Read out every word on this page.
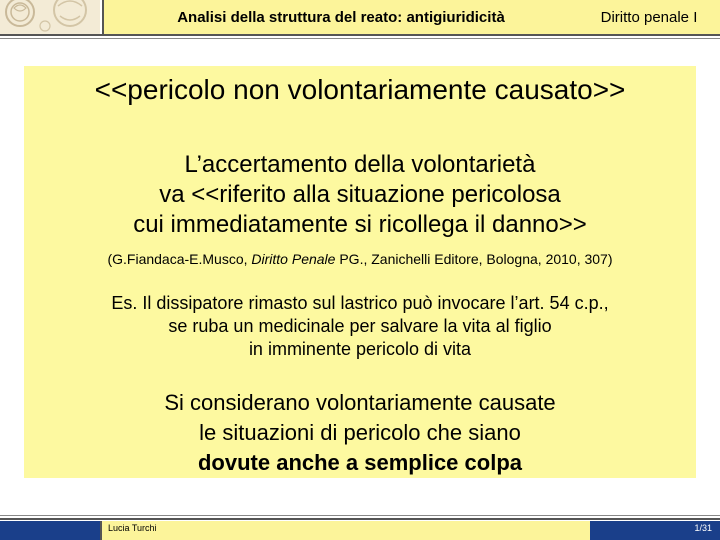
Analisi della struttura del reato: antigiuridicità	Diritto penale I
<<pericolo non volontariamente causato>>
L’accertamento della volontarietà
va <<riferito alla situazione pericolosa
cui immediatamente si ricollega il danno>>
(G.Fiandaca-E.Musco, Diritto Penale PG., Zanichelli Editore, Bologna, 2010, 307)
Es. Il dissipatore rimasto sul lastrico può invocare l’art. 54 c.p.,
se ruba un medicinale per salvare la vita al figlio
in imminente pericolo di vita
Si considerano volontariamente causate
le situazioni di pericolo che siano
dovute anche a semplice colpa
Lucia Turchi	1/31
